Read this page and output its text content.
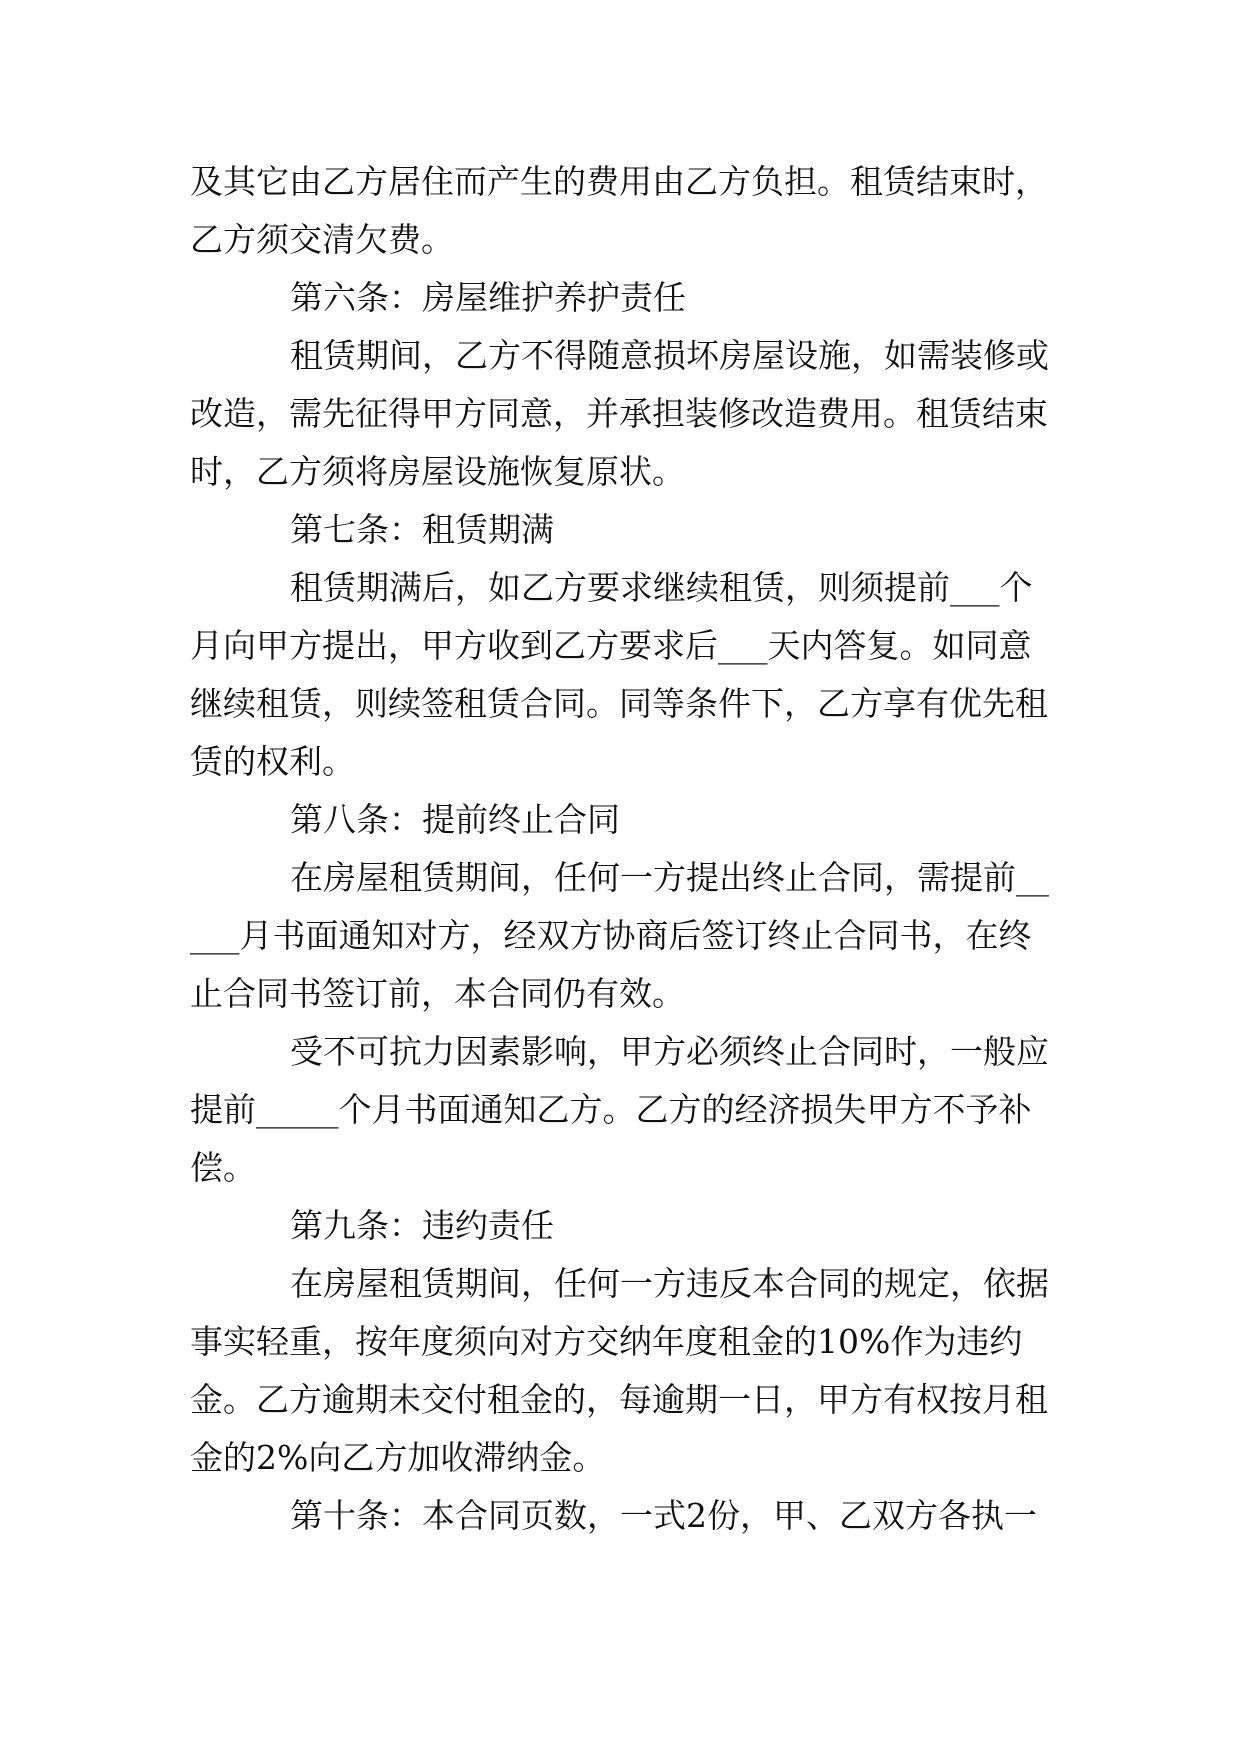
及其它由乙方居住而产生的费用由乙方负担。租赁结束时，乙方须交清欠费。

第六条：房屋维护养护责任

租赁期间，乙方不得随意损坏房屋设施，如需装修或改造，需先征得甲方同意，并承担装修改造费用。租赁结束时，乙方须将房屋设施恢复原状。

第七条：租赁期满

租赁期满后，如乙方要求继续租赁，则须提前___个月向甲方提出，甲方收到乙方要求后___天内答复。如同意继续租赁，则续签租赁合同。同等条件下，乙方享有优先租赁的权利。

第八条：提前终止合同

在房屋租赁期间，任何一方提出终止合同，需提前_____月书面通知对方，经双方协商后签订终止合同书，在终止合同书签订前，本合同仍有效。

受不可抗力因素影响，甲方必须终止合同时，一般应提前_____个月书面通知乙方。乙方的经济损失甲方不予补偿。

第九条：违约责任

在房屋租赁期间，任何一方违反本合同的规定，依据事实轻重，按年度须向对方交纳年度租金的10%作为违约金。乙方逾期未交付租金的，每逾期一日，甲方有权按月租金的2%向乙方加收滞纳金。

第十条：本合同页数，一式2份，甲、乙双方各执一
